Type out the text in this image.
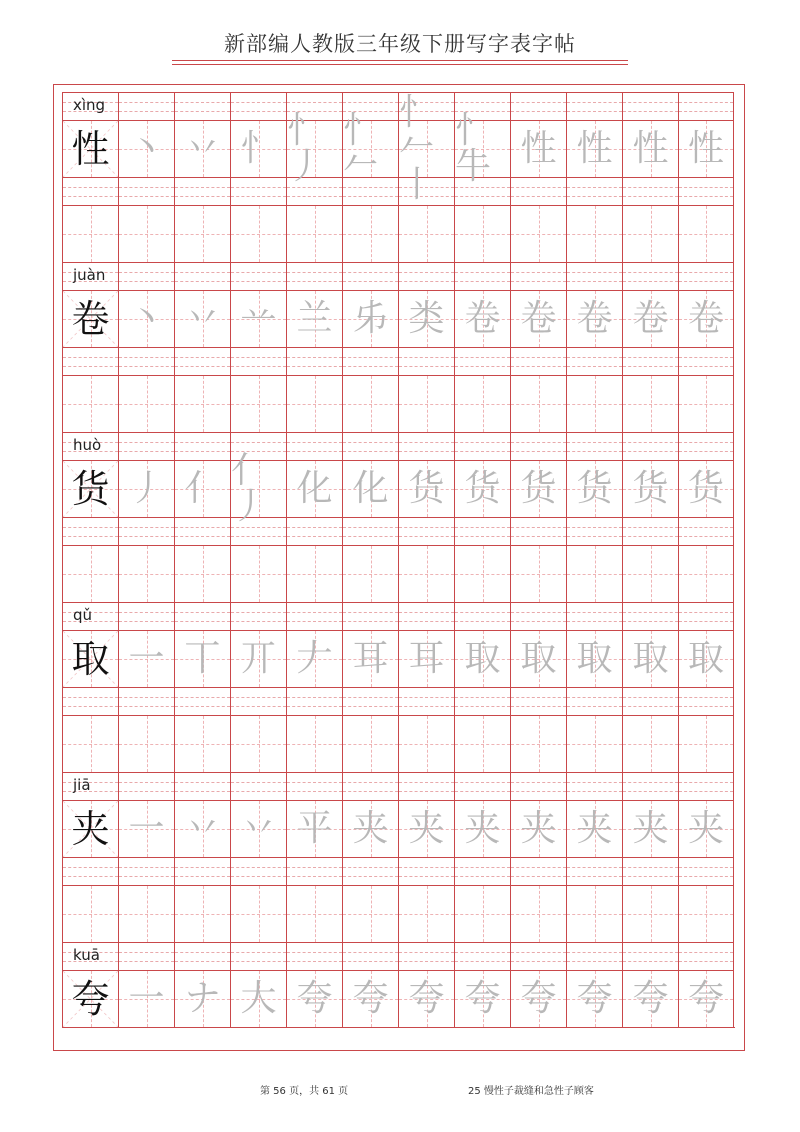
新部编人教版三年级下册写字表字帖
xìng
性 丶 丷 忄 忄丿
忄𠂉
忄𠂉丨
忄牛 性 性 性 性
juàn
卷 丶 丷 䒑 兰 𠂔 类 卷 卷 卷 卷 卷
huò
货 丿 亻 亻丿 化 化 货 货 货 货 货 货
qǔ
取 一 丅 丌 𠂇 耳 耳 取 取 取 取 取
jiā
夹 一 丷 丷 平 夹 夹 夹 夹 夹 夹 夹
kuā
夸 一 ナ 大 夸 夸 夸 夸 夸 夸 夸 夸
第 56 页，共 61 页	25 慢性子裁缝和急性子顾客
